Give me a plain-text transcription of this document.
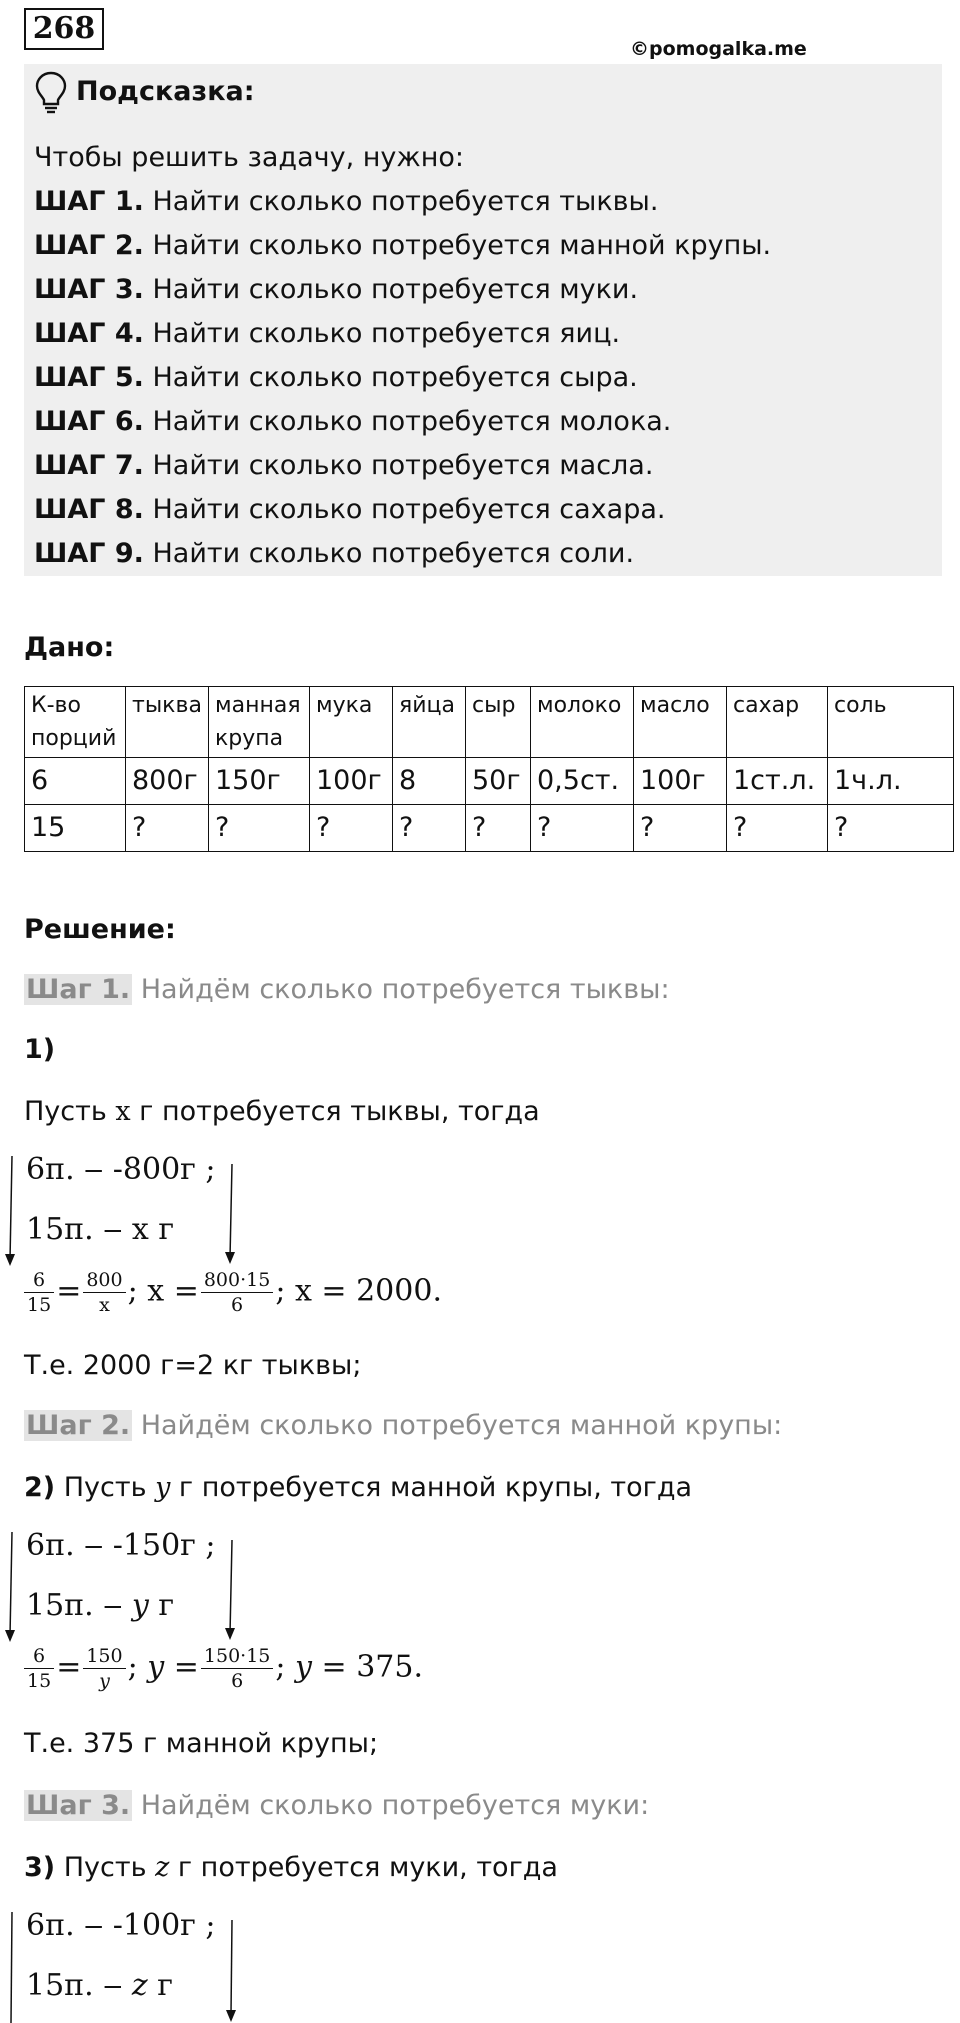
268
©pomogalka.me
Подсказка:
Чтобы решить задачу, нужно:
ШАГ 1. Найти сколько потребуется тыквы.
ШАГ 2. Найти сколько потребуется манной крупы.
ШАГ 3. Найти сколько потребуется муки.
ШАГ 4. Найти сколько потребуется яиц.
ШАГ 5. Найти сколько потребуется сыра.
ШАГ 6. Найти сколько потребуется молока.
ШАГ 7. Найти сколько потребуется масла.
ШАГ 8. Найти сколько потребуется сахара.
ШАГ 9. Найти сколько потребуется соли.
Дано:
К-во порций	тыква	манная крупа	мука	яйца	сыр	молоко	масло	сахар	соль
6	800г	150г	100г	8	50г	0,5ст.	100г	1ст.л.	1ч.л.
15	?	?	?	?	?	?	?	?	?
Решение:
Шаг 1. Найдём сколько потребуется тыквы:
1)
Пусть x г потребуется тыквы, тогда
6п. ‒ -800г ;
15п. ‒ x г
$\frac{6}{15} = \frac{800}{x}$ ; $x = \frac{800\cdot 15}{6}$ ; x = 2000.
Т.е. 2000 г=2 кг тыквы;
Шаг 2. Найдём сколько потребуется манной крупы:
2) Пусть y г потребуется манной крупы, тогда
6п. ‒ -150г ;
15п. ‒ y г
$\frac{6}{15} = \frac{150}{y}$ ; $y = \frac{150\cdot 15}{6}$ ; y = 375.
Т.е. 375 г манной крупы;
Шаг 3. Найдём сколько потребуется муки:
3) Пусть z г потребуется муки, тогда
6п. ‒ -100г ;
15п. ‒ z г
